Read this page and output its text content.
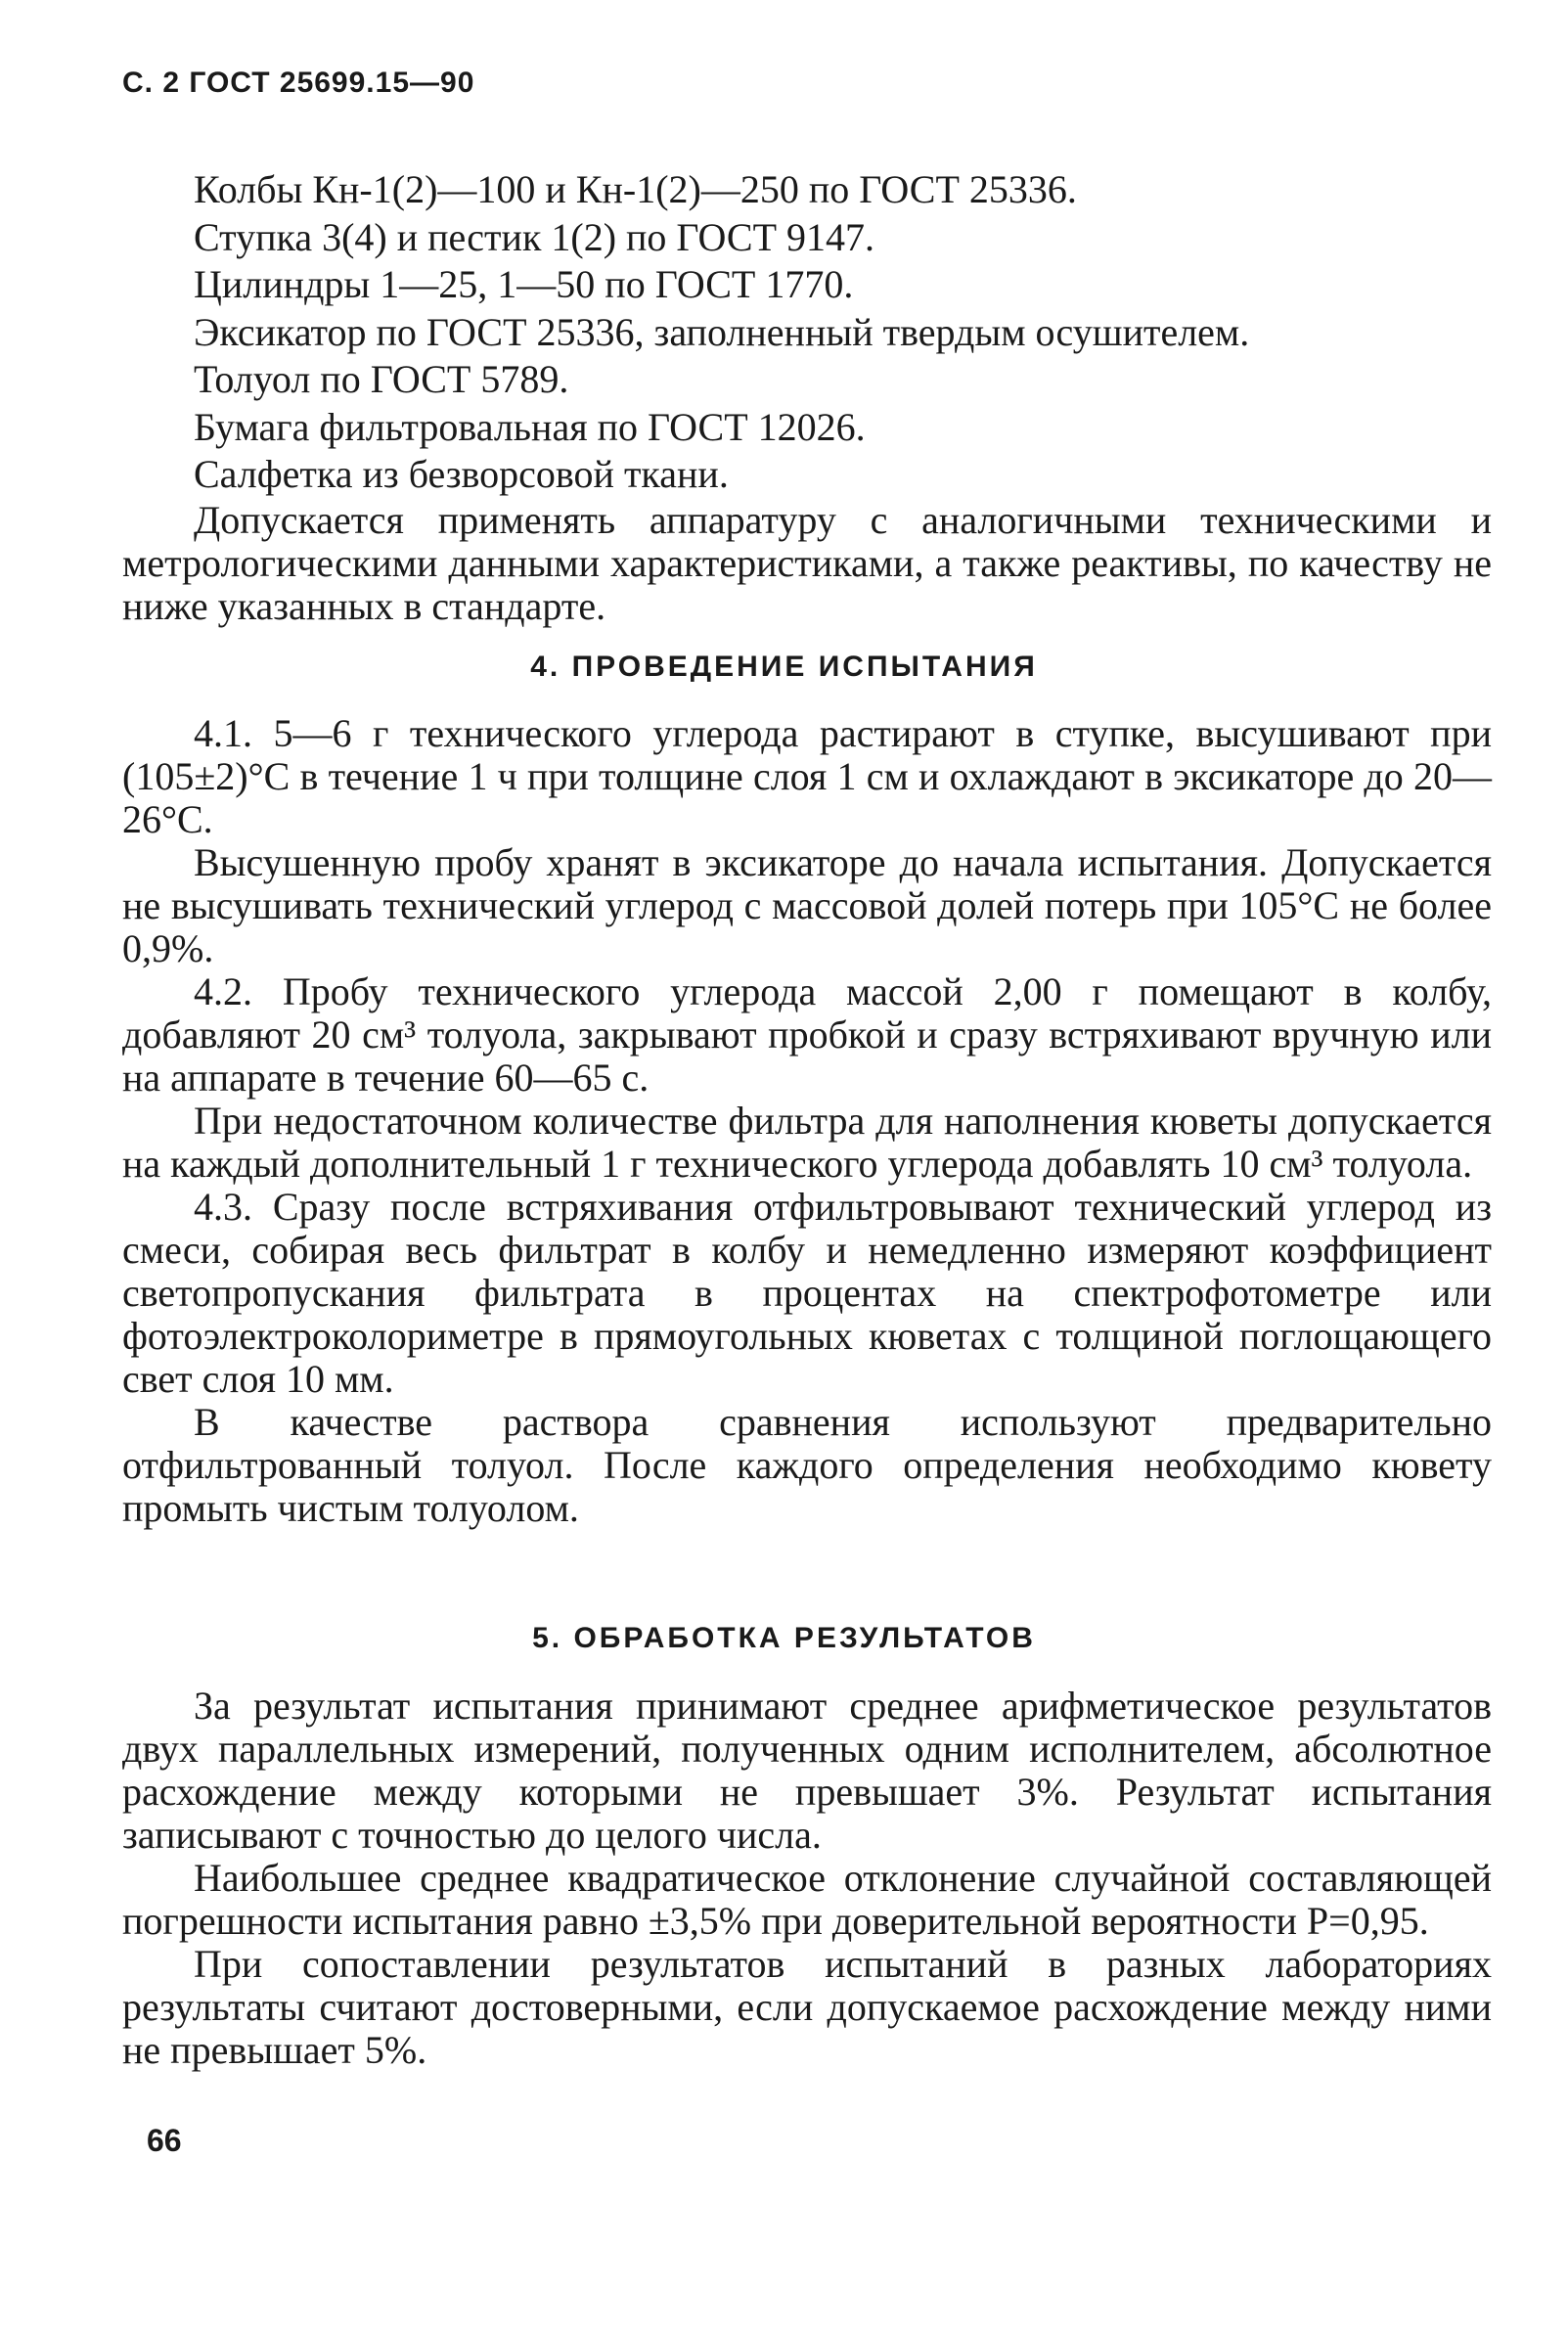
С. 2 ГОСТ 25699.15—90
Колбы Кн-1(2)—100 и Кн-1(2)—250 по ГОСТ 25336.
Ступка 3(4) и пестик 1(2) по ГОСТ 9147.
Цилиндры 1—25, 1—50 по ГОСТ 1770.
Эксикатор по ГОСТ 25336, заполненный твердым осушителем.
Толуол по ГОСТ 5789.
Бумага фильтровальная по ГОСТ 12026.
Салфетка из безворсовой ткани.

Допускается применять аппаратуру с аналогичными техническими и метрологическими данными характеристиками, а также реактивы, по качеству не ниже указанных в стандарте.

4. ПРОВЕДЕНИЕ ИСПЫТАНИЯ

4.1. 5—6 г технического углерода растирают в ступке, высушивают при (105±2)°С в течение 1 ч при толщине слоя 1 см и охлаждают в эксикаторе до 20—26°С.

Высушенную пробу хранят в эксикаторе до начала испытания. Допускается не высушивать технический углерод с массовой долей потерь при 105°С не более 0,9%.

4.2. Пробу технического углерода массой 2,00 г помещают в колбу, добавляют 20 см³ толуола, закрывают пробкой и сразу встряхивают вручную или на аппарате в течение 60—65 с.

При недостаточном количестве фильтра для наполнения кюветы допускается на каждый дополнительный 1 г технического углерода добавлять 10 см³ толуола.

4.3. Сразу после встряхивания отфильтровывают технический углерод из смеси, собирая весь фильтрат в колбу и немедленно измеряют коэффициент светопропускания фильтрата в процентах на спектрофотометре или фотоэлектроколориметре в прямоугольных кюветах с толщиной поглощающего свет слоя 10 мм.

В качестве раствора сравнения используют предварительно отфильтрованный толуол. После каждого определения необходимо кювету промыть чистым толуолом.

5. ОБРАБОТКА РЕЗУЛЬТАТОВ

За результат испытания принимают среднее арифметическое результатов двух параллельных измерений, полученных одним исполнителем, абсолютное расхождение между которыми не превышает 3%. Результат испытания записывают с точностью до целого числа.

Наибольшее среднее квадратическое отклонение случайной составляющей погрешности испытания равно ±3,5% при доверительной вероятности Р=0,95.

При сопоставлении результатов испытаний в разных лабораториях результаты считают достоверными, если допускаемое расхождение между ними не превышает 5%.

66
